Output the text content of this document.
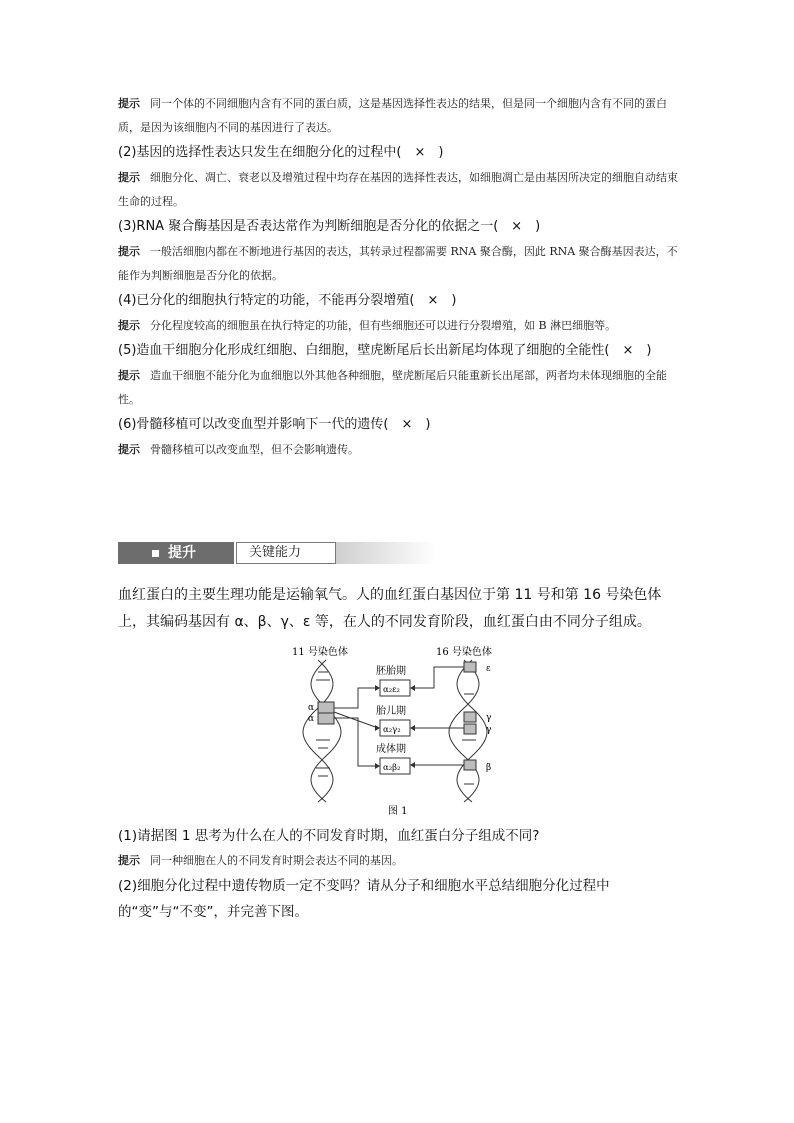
提示 同一个体的不同细胞内含有不同的蛋白质，这是基因选择性表达的结果，但是同一个细胞内含有不同的蛋白质，是因为该细胞内不同的基因进行了表达。

(2)基因的选择性表达只发生在细胞分化的过程中(　×　)

提示 细胞分化、凋亡、衰老以及增殖过程中均存在基因的选择性表达，如细胞凋亡是由基因所决定的细胞自动结束生命的过程。

(3)RNA 聚合酶基因是否表达常作为判断细胞是否分化的依据之一(　×　)

提示 一般活细胞内都在不断地进行基因的表达，其转录过程都需要 RNA 聚合酶，因此 RNA 聚合酶基因表达，不能作为判断细胞是否分化的依据。

(4)已分化的细胞执行特定的功能，不能再分裂增殖(　×　)

提示 分化程度较高的细胞虽在执行特定的功能，但有些细胞还可以进行分裂增殖，如 B 淋巴细胞等。

(5)造血干细胞分化形成红细胞、白细胞，壁虎断尾后长出新尾均体现了细胞的全能性(　×　)

提示 造血干细胞不能分化为血细胞以外其他各种细胞，壁虎断尾后只能重新长出尾部，两者均未体现细胞的全能性。

(6)骨髓移植可以改变血型并影响下一代的遗传(　×　)

提示 骨髓移植可以改变血型，但不会影响遗传。

提升	关键能力

血红蛋白的主要生理功能是运输氧气。人的血红蛋白基因位于第 11 号和第 16 号染色体上，其编码基因有 α、β、γ、ε 等，在人的不同发育阶段，血红蛋白由不同分子组成。

11 号染色体	16 号染色体
α
α
ε
γ
γ
β
胚胎期
胎儿期
成体期
α₂ε₂
α₂γ₂
α₂β₂
图 1

(1)请据图 1 思考为什么在人的不同发育时期，血红蛋白分子组成不同?

提示 同一种细胞在人的不同发育时期会表达不同的基因。

(2)细胞分化过程中遗传物质一定不变吗？请从分子和细胞水平总结细胞分化过程中的“变”与“不变”，并完善下图。
